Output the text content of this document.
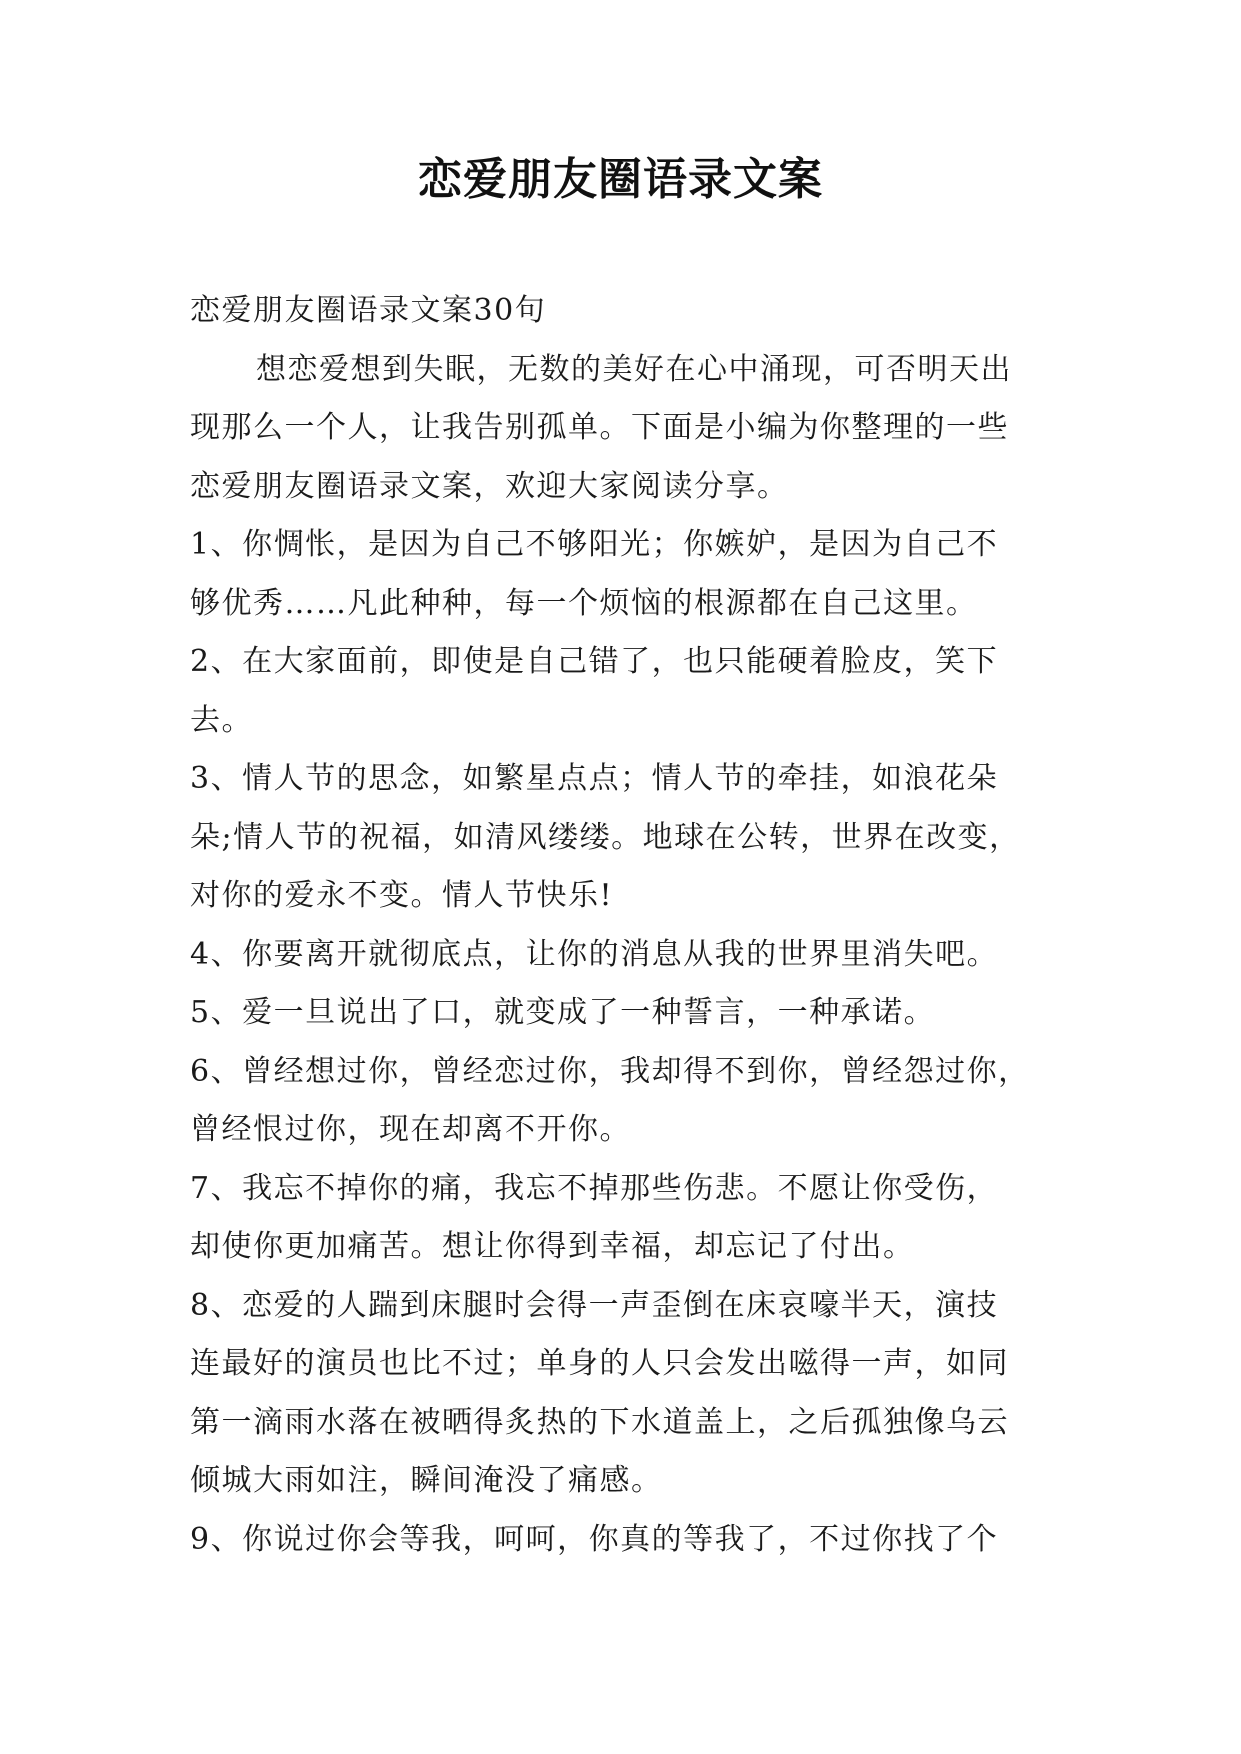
恋爱朋友圈语录文案
恋爱朋友圈语录文案30句
想恋爱想到失眠，无数的美好在心中涌现，可否明天出
现那么一个人，让我告别孤单。下面是小编为你整理的一些
恋爱朋友圈语录文案，欢迎大家阅读分享。
1、你惆怅，是因为自己不够阳光；你嫉妒，是因为自己不
够优秀……凡此种种，每一个烦恼的根源都在自己这里。
2、在大家面前，即使是自己错了，也只能硬着脸皮，笑下
去。
3、情人节的思念，如繁星点点；情人节的牵挂，如浪花朵
朵;情人节的祝福，如清风缕缕。地球在公转，世界在改变，
对你的爱永不变。情人节快乐!
4、你要离开就彻底点，让你的消息从我的世界里消失吧。
5、爱一旦说出了口，就变成了一种誓言，一种承诺。
6、曾经想过你，曾经恋过你，我却得不到你，曾经怨过你，
曾经恨过你，现在却离不开你。
7、我忘不掉你的痛，我忘不掉那些伤悲。不愿让你受伤，
却使你更加痛苦。想让你得到幸福，却忘记了付出。
8、恋爱的人踹到床腿时会得一声歪倒在床哀嚎半天，演技
连最好的演员也比不过；单身的人只会发出嗞得一声，如同
第一滴雨水落在被晒得炙热的下水道盖上，之后孤独像乌云
倾城大雨如注，瞬间淹没了痛感。
9、你说过你会等我，呵呵，你真的等我了，不过你找了个
